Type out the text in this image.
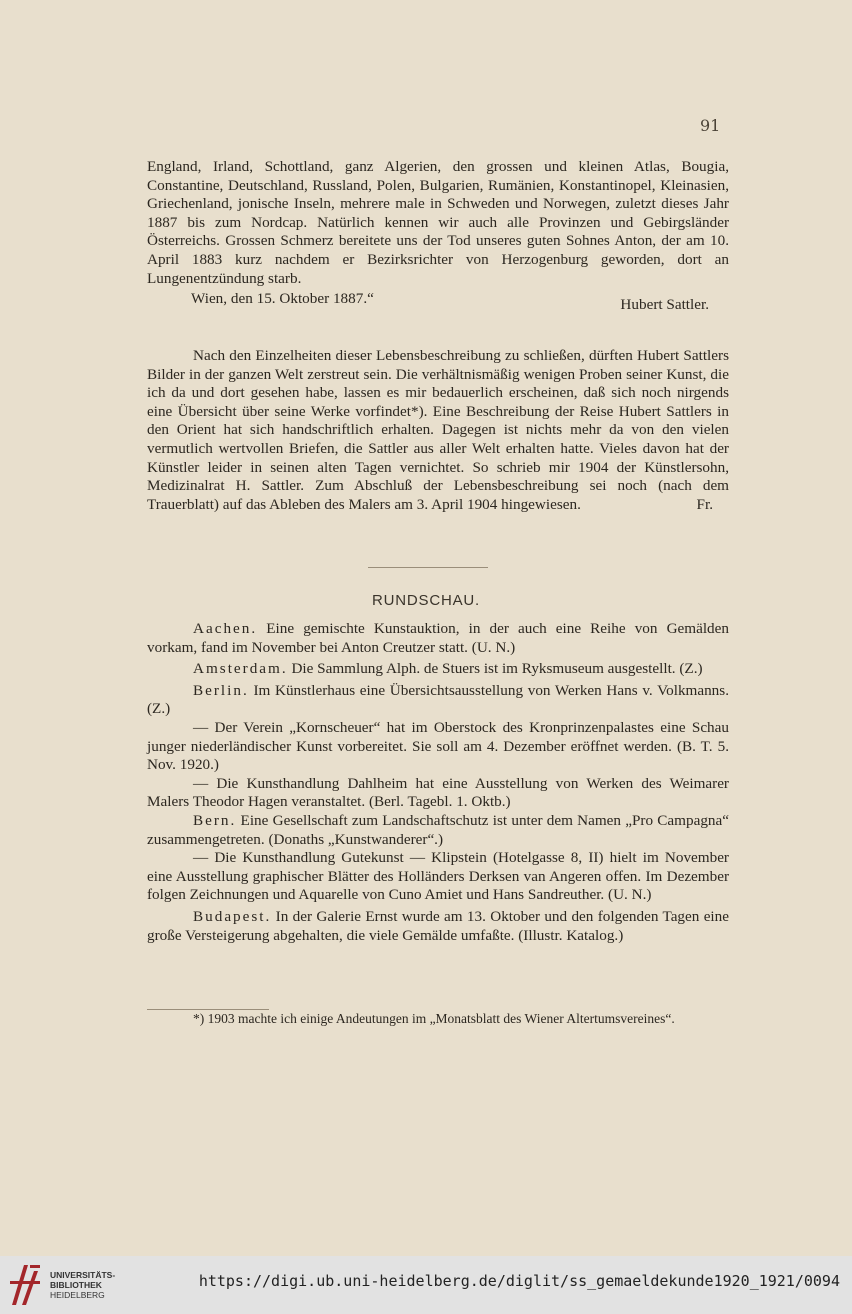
91

England, Irland, Schottland, ganz Algerien, den grossen und kleinen Atlas, Bougia, Constantine, Deutschland, Russland, Polen, Bulgarien, Rumänien, Konstantinopel, Kleinasien, Griechenland, jonische Inseln, mehrere male in Schweden und Norwegen, zuletzt dieses Jahr 1887 bis zum Nordcap. Natürlich kennen wir auch alle Provinzen und Gebirgsländer Österreichs. Grossen Schmerz bereitete uns der Tod unseres guten Sohnes Anton, der am 10. April 1883 kurz nachdem er Bezirksrichter von Herzogenburg geworden, dort an Lungenentzündung starb.

Wien, den 15. Oktober 1887.“	Hubert Sattler.

Nach den Einzelheiten dieser Lebensbeschreibung zu schließen, dürften Hubert Sattlers Bilder in der ganzen Welt zerstreut sein. Die verhältnismäßig wenigen Proben seiner Kunst, die ich da und dort gesehen habe, lassen es mir bedauerlich erscheinen, daß sich noch nirgends eine Übersicht über seine Werke vorfindet*). Eine Beschreibung der Reise Hubert Sattlers in den Orient hat sich handschriftlich erhalten. Dagegen ist nichts mehr da von den vielen vermutlich wertvollen Briefen, die Sattler aus aller Welt erhalten hatte. Vieles davon hat der Künstler leider in seinen alten Tagen vernichtet. So schrieb mir 1904 der Künstlersohn, Medizinalrat H. Sattler. Zum Abschluß der Lebensbeschreibung sei noch (nach dem Trauerblatt) auf das Ableben des Malers am 3. April 1904 hingewiesen.	Fr.

RUNDSCHAU.

Aachen. Eine gemischte Kunstauktion, in der auch eine Reihe von Gemälden vorkam, fand im November bei Anton Creutzer statt. (U. N.)

Amsterdam. Die Sammlung Alph. de Stuers ist im Ryksmuseum ausgestellt. (Z.)

Berlin. Im Künstlerhaus eine Übersichtsausstellung von Werken Hans v. Volkmanns. (Z.)

— Der Verein „Kornscheuer“ hat im Oberstock des Kronprinzenpalastes eine Schau junger niederländischer Kunst vorbereitet. Sie soll am 4. Dezember eröffnet werden. (B. T. 5. Nov. 1920.)

— Die Kunsthandlung Dahlheim hat eine Ausstellung von Werken des Weimarer Malers Theodor Hagen veranstaltet. (Berl. Tagebl. 1. Oktb.)

Bern. Eine Gesellschaft zum Landschaftschutz ist unter dem Namen „Pro Campagna“ zusammengetreten. (Donaths „Kunstwanderer“.)

— Die Kunsthandlung Gutekunst — Klipstein (Hotelgasse 8, II) hielt im November eine Ausstellung graphischer Blätter des Holländers Derksen van Angeren offen. Im Dezember folgen Zeichnungen und Aquarelle von Cuno Amiet und Hans Sandreuther. (U. N.)

Budapest. In der Galerie Ernst wurde am 13. Oktober und den folgenden Tagen eine große Versteigerung abgehalten, die viele Gemälde umfaßte. (Illustr. Katalog.)

*) 1903 machte ich einige Andeutungen im „Monatsblatt des Wiener Altertumsvereines“.

UNIVERSITÄTS-
BIBLIOTHEK
HEIDELBERG
https://digi.ub.uni-heidelberg.de/diglit/ss_gemaeldekunde1920_1921/0094
